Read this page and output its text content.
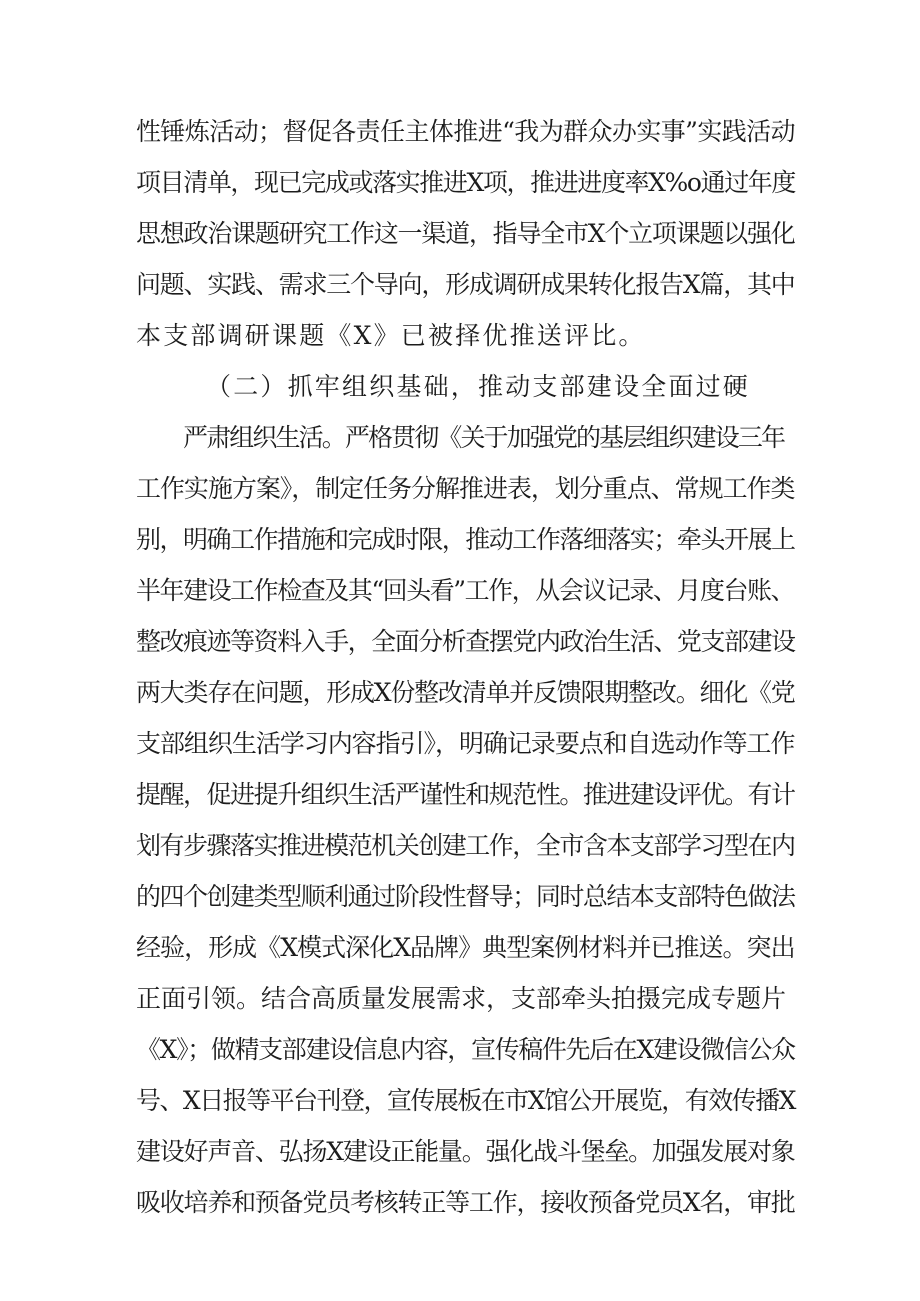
性锤炼活动；督促各责任主体推进“我为群众办实事”实践活动
项目清单，现已完成或落实推进X项，推进进度率X%o通过年度
思想政治课题研究工作这一渠道，指导全市X个立项课题以强化
问题、实践、需求三个导向，形成调研成果转化报告X篇，其中
本支部调研课题《X》已被择优推送评比。
（二）抓牢组织基础，推动支部建设全面过硬
严肃组织生活。严格贯彻《关于加强党的基层组织建设三年
工作实施方案》，制定任务分解推进表，划分重点、常规工作类
别，明确工作措施和完成时限，推动工作落细落实；牵头开展上
半年建设工作检查及其“回头看”工作，从会议记录、月度台账、
整改痕迹等资料入手，全面分析查摆党内政治生活、党支部建设
两大类存在问题，形成X份整改清单并反馈限期整改。细化《党
支部组织生活学习内容指引》，明确记录要点和自选动作等工作
提醒，促进提升组织生活严谨性和规范性。推进建设评优。有计
划有步骤落实推进模范机关创建工作，全市含本支部学习型在内
的四个创建类型顺利通过阶段性督导；同时总结本支部特色做法
经验，形成《X模式深化X品牌》典型案例材料并已推送。突出
正面引领。结合高质量发展需求，支部牵头拍摄完成专题片
《X》；做精支部建设信息内容，宣传稿件先后在X建设微信公众
号、X日报等平台刊登，宣传展板在市X馆公开展览，有效传播X
建设好声音、弘扬X建设正能量。强化战斗堡垒。加强发展对象
吸收培养和预备党员考核转正等工作，接收预备党员X名，审批
